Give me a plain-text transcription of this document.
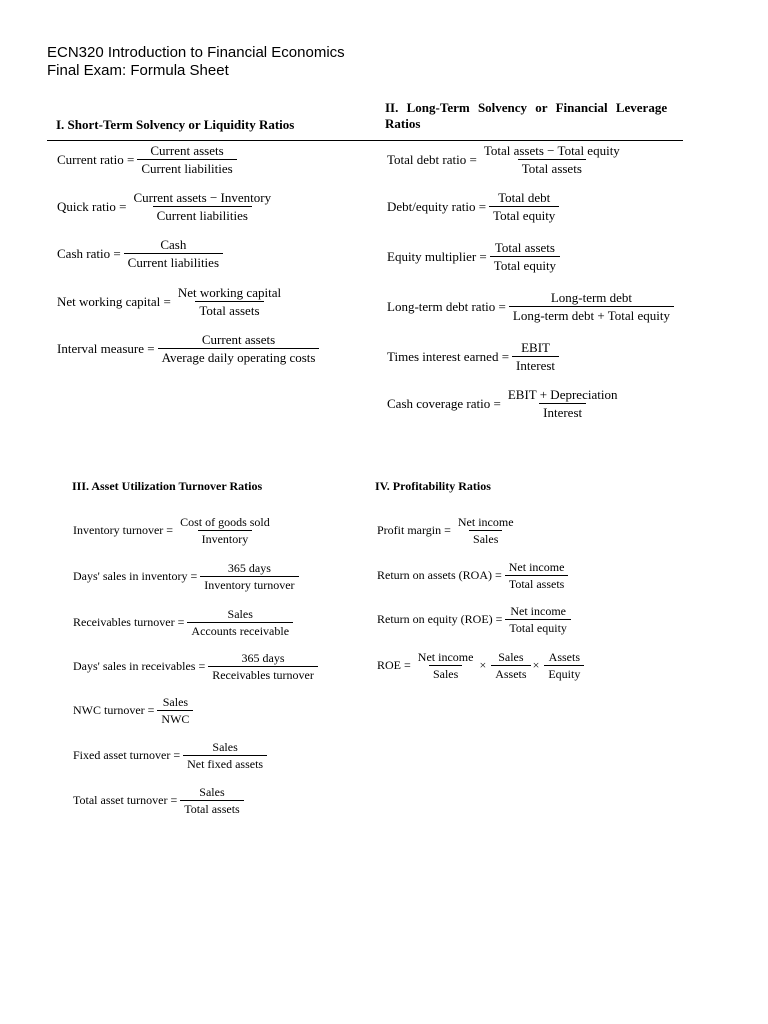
ECN320 Introduction to Financial Economics
Final Exam: Formula Sheet
I. Short-Term Solvency or Liquidity Ratios
II. Long-Term Solvency or Financial Leverage
Ratios
Current ratio = $\frac{\text{Current assets}}{\text{Current liabilities}}$
Quick ratio = $\frac{\text{Current assets − Inventory}}{\text{Current liabilities}}$
Cash ratio = $\frac{\text{Cash}}{\text{Current liabilities}}$
Net working capital = $\frac{\text{Net working capital}}{\text{Total assets}}$
Interval measure = $\frac{\text{Current assets}}{\text{Average daily operating costs}}$
Total debt ratio = $\frac{\text{Total assets − Total equity}}{\text{Total assets}}$
Debt/equity ratio = $\frac{\text{Total debt}}{\text{Total equity}}$
Equity multiplier = $\frac{\text{Total assets}}{\text{Total equity}}$
Long-term debt ratio = $\frac{\text{Long-term debt}}{\text{Long-term debt + Total equity}}$
Times interest earned = $\frac{\text{EBIT}}{\text{Interest}}$
Cash coverage ratio = $\frac{\text{EBIT + Depreciation}}{\text{Interest}}$
III. Asset Utilization Turnover Ratios	IV. Profitability Ratios
Inventory turnover = $\frac{\text{Cost of goods sold}}{\text{Inventory}}$
Days' sales in inventory = $\frac{\text{365 days}}{\text{Inventory turnover}}$
Receivables turnover = $\frac{\text{Sales}}{\text{Accounts receivable}}$
Days' sales in receivables = $\frac{\text{365 days}}{\text{Receivables turnover}}$
NWC turnover = $\frac{\text{Sales}}{\text{NWC}}$
Fixed asset turnover = $\frac{\text{Sales}}{\text{Net fixed assets}}$
Total asset turnover = $\frac{\text{Sales}}{\text{Total assets}}$
Profit margin = $\frac{\text{Net income}}{\text{Sales}}$
Return on assets $(ROA) = \frac{\text{Net income}}{\text{Total assets}}$
Return on equity $(ROE) = \frac{\text{Net income}}{\text{Total equity}}$
ROE = $\frac{\text{Net income}}{\text{Sales}} \times \frac{\text{Sales}}{\text{Assets}} \times \frac{\text{Assets}}{\text{Equity}}$
